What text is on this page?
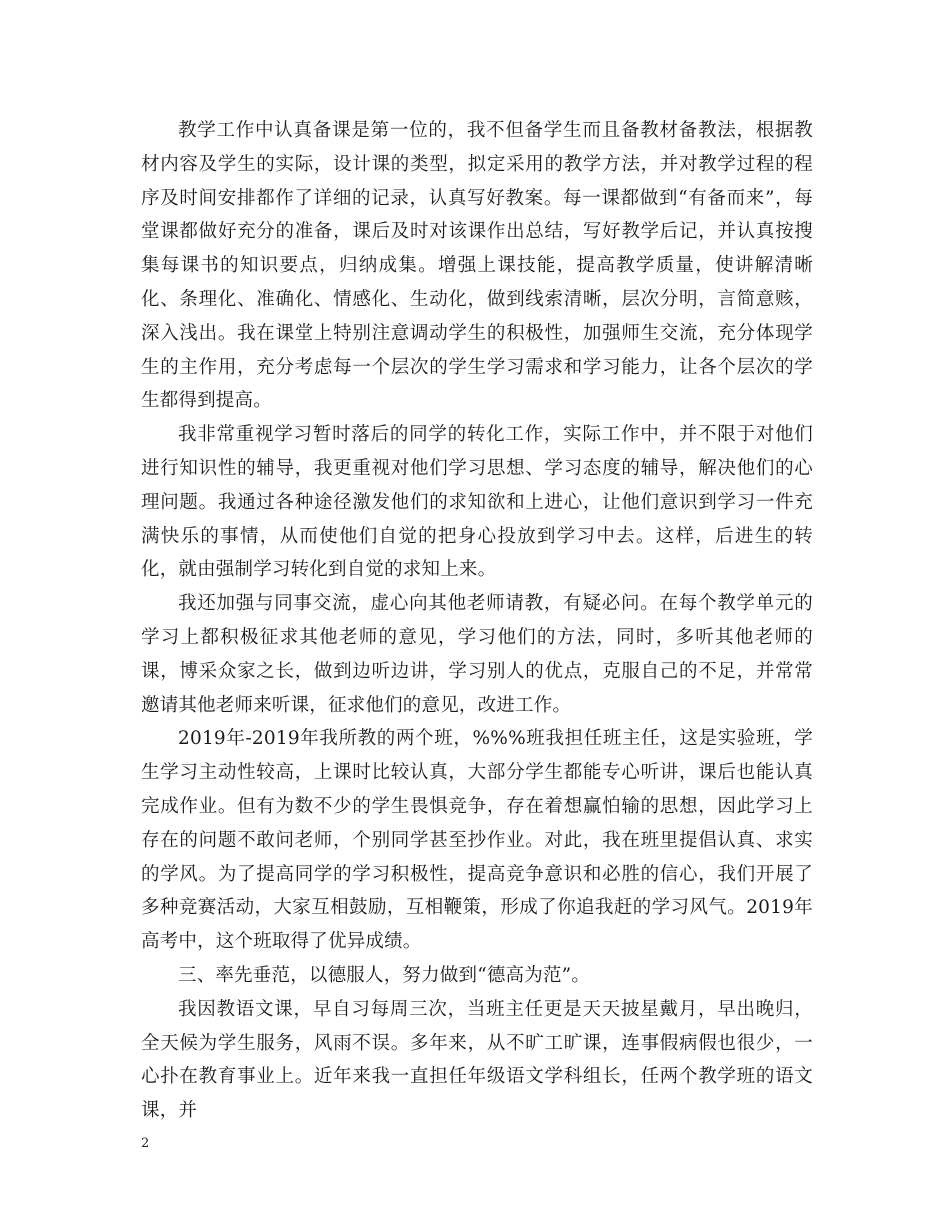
教学工作中认真备课是第一位的，我不但备学生而且备教材备教法，根据教材内容及学生的实际，设计课的类型，拟定采用的教学方法，并对教学过程的程序及时间安排都作了详细的记录，认真写好教案。每一课都做到“有备而来”，每堂课都做好充分的准备，课后及时对该课作出总结，写好教学后记，并认真按搜集每课书的知识要点，归纳成集。增强上课技能，提高教学质量，使讲解清晰化、条理化、准确化、情感化、生动化，做到线索清晰，层次分明，言简意赅，深入浅出。我在课堂上特别注意调动学生的积极性，加强师生交流，充分体现学生的主作用，充分考虑每一个层次的学生学习需求和学习能力，让各个层次的学生都得到提高。

我非常重视学习暂时落后的同学的转化工作，实际工作中，并不限于对他们进行知识性的辅导，我更重视对他们学习思想、学习态度的辅导，解决他们的心理问题。我通过各种途径激发他们的求知欲和上进心，让他们意识到学习一件充满快乐的事情，从而使他们自觉的把身心投放到学习中去。这样，后进生的转化，就由强制学习转化到自觉的求知上来。

我还加强与同事交流，虚心向其他老师请教，有疑必问。在每个教学单元的学习上都积极征求其他老师的意见，学习他们的方法，同时，多听其他老师的课，博采众家之长，做到边听边讲，学习别人的优点，克服自己的不足，并常常邀请其他老师来听课，征求他们的意见，改进工作。

2019年-2019年我所教的两个班，%%%班我担任班主任，这是实验班，学生学习主动性较高，上课时比较认真，大部分学生都能专心听讲，课后也能认真完成作业。但有为数不少的学生畏惧竞争，存在着想赢怕输的思想，因此学习上存在的问题不敢问老师，个别同学甚至抄作业。对此，我在班里提倡认真、求实的学风。为了提高同学的学习积极性，提高竞争意识和必胜的信心，我们开展了多种竞赛活动，大家互相鼓励，互相鞭策，形成了你追我赶的学习风气。2019年高考中，这个班取得了优异成绩。

三、率先垂范，以德服人，努力做到“德高为范”。

我因教语文课，早自习每周三次，当班主任更是天天披星戴月，早出晚归，全天候为学生服务，风雨不误。多年来，从不旷工旷课，连事假病假也很少，一心扑在教育事业上。近年来我一直担任年级语文学科组长，任两个教学班的语文课，并

2
